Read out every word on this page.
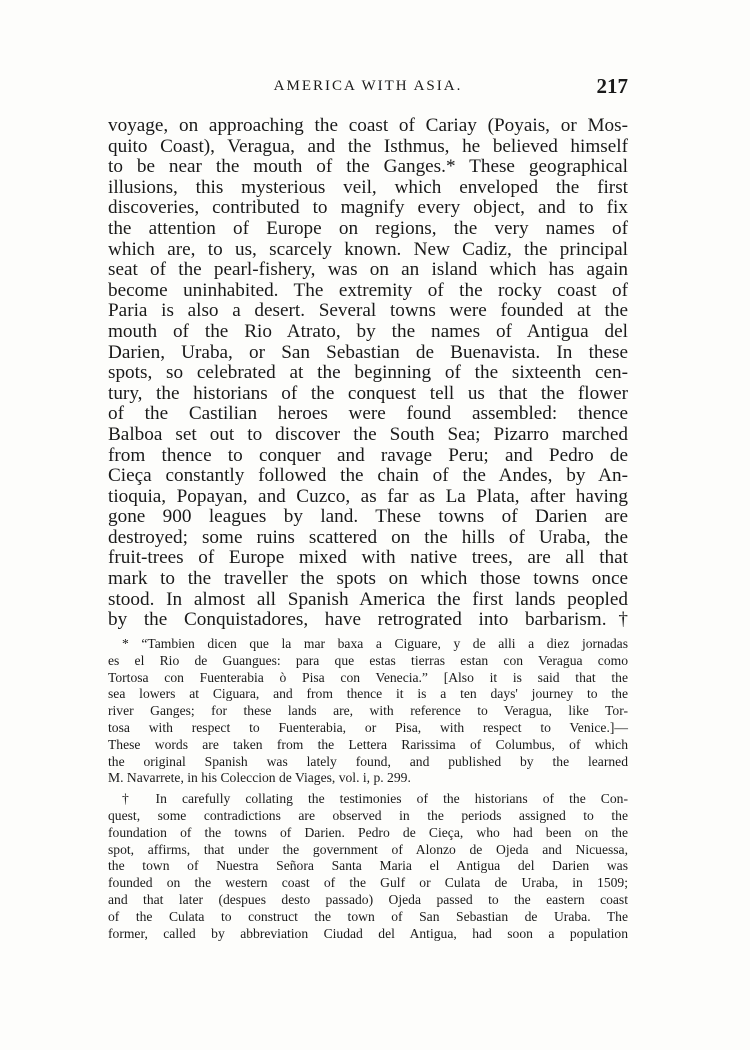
AMERICA WITH ASIA.	217
voyage, on approaching the coast of Cariay (Poyais, or Mos-
quito Coast), Veragua, and the Isthmus, he believed himself
to be near the mouth of the Ganges.* These geographical
illusions, this mysterious veil, which enveloped the first
discoveries, contributed to magnify every object, and to fix
the attention of Europe on regions, the very names of
which are, to us, scarcely known. New Cadiz, the principal
seat of the pearl-fishery, was on an island which has again
become uninhabited. The extremity of the rocky coast of
Paria is also a desert. Several towns were founded at the
mouth of the Rio Atrato, by the names of Antigua del
Darien, Uraba, or San Sebastian de Buenavista. In these
spots, so celebrated at the beginning of the sixteenth cen-
tury, the historians of the conquest tell us that the flower
of the Castilian heroes were found assembled: thence
Balboa set out to discover the South Sea; Pizarro marched
from thence to conquer and ravage Peru; and Pedro de
Cieça constantly followed the chain of the Andes, by An-
tioquia, Popayan, and Cuzco, as far as La Plata, after having
gone 900 leagues by land. These towns of Darien are
destroyed; some ruins scattered on the hills of Uraba, the
fruit-trees of Europe mixed with native trees, are all that
mark to the traveller the spots on which those towns once
stood. In almost all Spanish America the first lands peopled
by the Conquistadores, have retrograted into barbarism.†
* “Tambien dicen que la mar baxa a Ciguare, y de alli a diez jornadas
es el Rio de Guangues: para que estas tierras estan con Veragua como
Tortosa con Fuenterabia ò Pisa con Venecia.” [Also it is said that the
sea lowers at Ciguara, and from thence it is a ten days' journey to the
river Ganges; for these lands are, with reference to Veragua, like Tor-
tosa with respect to Fuenterabia, or Pisa, with respect to Venice.]—
These words are taken from the Lettera Rarissima of Columbus, of which
the original Spanish was lately found, and published by the learned
M. Navarrete, in his Coleccion de Viages, vol. i, p. 299.
† In carefully collating the testimonies of the historians of the Con-
quest, some contradictions are observed in the periods assigned to the
foundation of the towns of Darien. Pedro de Cieça, who had been on the
spot, affirms, that under the government of Alonzo de Ojeda and Nicuessa,
the town of Nuestra Señora Santa Maria el Antigua del Darien was
founded on the western coast of the Gulf or Culata de Uraba, in 1509;
and that later (despues desto passado) Ojeda passed to the eastern coast
of the Culata to construct the town of San Sebastian de Uraba. The
former, called by abbreviation Ciudad del Antigua, had soon a population
